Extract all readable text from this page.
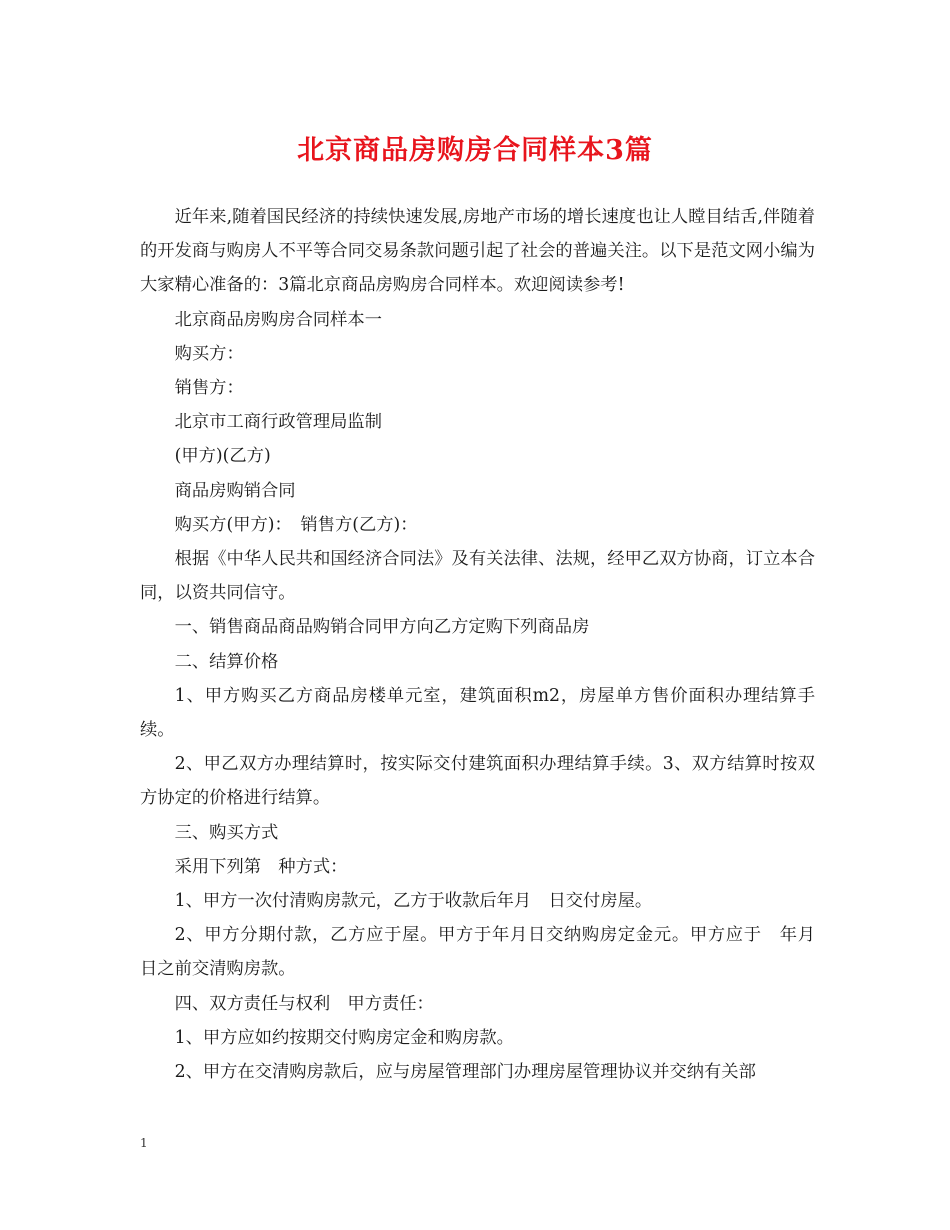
北京商品房购房合同样本3篇

近年来,随着国民经济的持续快速发展,房地产市场的增长速度也让人瞠目结舌,伴随着的开发商与购房人不平等合同交易条款问题引起了社会的普遍关注。以下是范文网小编为大家精心准备的：3篇北京商品房购房合同样本。欢迎阅读参考!

北京商品房购房合同样本一

购买方：

销售方：

北京市工商行政管理局监制

(甲方)(乙方)

商品房购销合同

购买方(甲方)：　销售方(乙方)：

根据《中华人民共和国经济合同法》及有关法律、法规，经甲乙双方协商，订立本合同，以资共同信守。

一、销售商品商品购销合同甲方向乙方定购下列商品房

二、结算价格

1、甲方购买乙方商品房楼单元室，建筑面积m2，房屋单方售价面积办理结算手续。

2、甲乙双方办理结算时，按实际交付建筑面积办理结算手续。3、双方结算时按双方协定的价格进行结算。

三、购买方式

采用下列第　种方式：

1、甲方一次付清购房款元，乙方于收款后年月　日交付房屋。

2、甲方分期付款，乙方应于屋。甲方于年月日交纳购房定金元。甲方应于　年月　日之前交清购房款。

四、双方责任与权利　甲方责任：

1、甲方应如约按期交付购房定金和购房款。

2、甲方在交清购房款后，应与房屋管理部门办理房屋管理协议并交纳有关部

1
